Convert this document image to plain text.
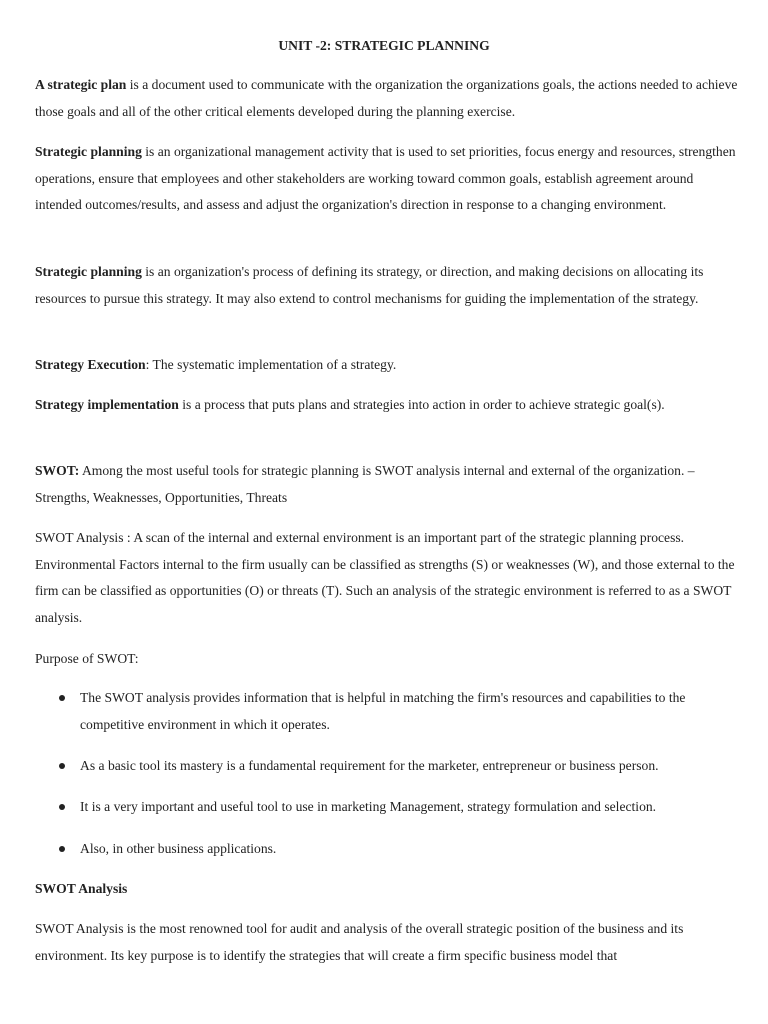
UNIT -2: STRATEGIC PLANNING

A strategic plan is a document used to communicate with the organization the organizations goals, the actions needed to achieve those goals and all of the other critical elements developed during the planning exercise.

Strategic planning is an organizational management activity that is used to set priorities, focus energy and resources, strengthen operations, ensure that employees and other stakeholders are working toward common goals, establish agreement around intended outcomes/results, and assess and adjust the organization's direction in response to a changing environment.

Strategic planning is an organization's process of defining its strategy, or direction, and making decisions on allocating its resources to pursue this strategy. It may also extend to control mechanisms for guiding the implementation of the strategy.

Strategy Execution: The systematic implementation of a strategy.

Strategy implementation is a process that puts plans and strategies into action in order to achieve strategic goal(s).

SWOT: Among the most useful tools for strategic planning is SWOT analysis internal and external of the organization. – Strengths, Weaknesses, Opportunities, Threats

SWOT Analysis : A scan of the internal and external environment is an important part of the strategic planning process. Environmental Factors internal to the firm usually can be classified as strengths (S) or weaknesses (W), and those external to the firm can be classified as opportunities (O) or threats (T). Such an analysis of the strategic environment is referred to as a SWOT analysis.

Purpose of SWOT:

The SWOT analysis provides information that is helpful in matching the firm's resources and capabilities to the competitive environment in which it operates.
As a basic tool its mastery is a fundamental requirement for the marketer, entrepreneur or business person.
It is a very important and useful tool to use in marketing Management, strategy formulation and selection.
Also, in other business applications.

SWOT Analysis

SWOT Analysis is the most renowned tool for audit and analysis of the overall strategic position of the business and its environment. Its key purpose is to identify the strategies that will create a firm specific business model that
